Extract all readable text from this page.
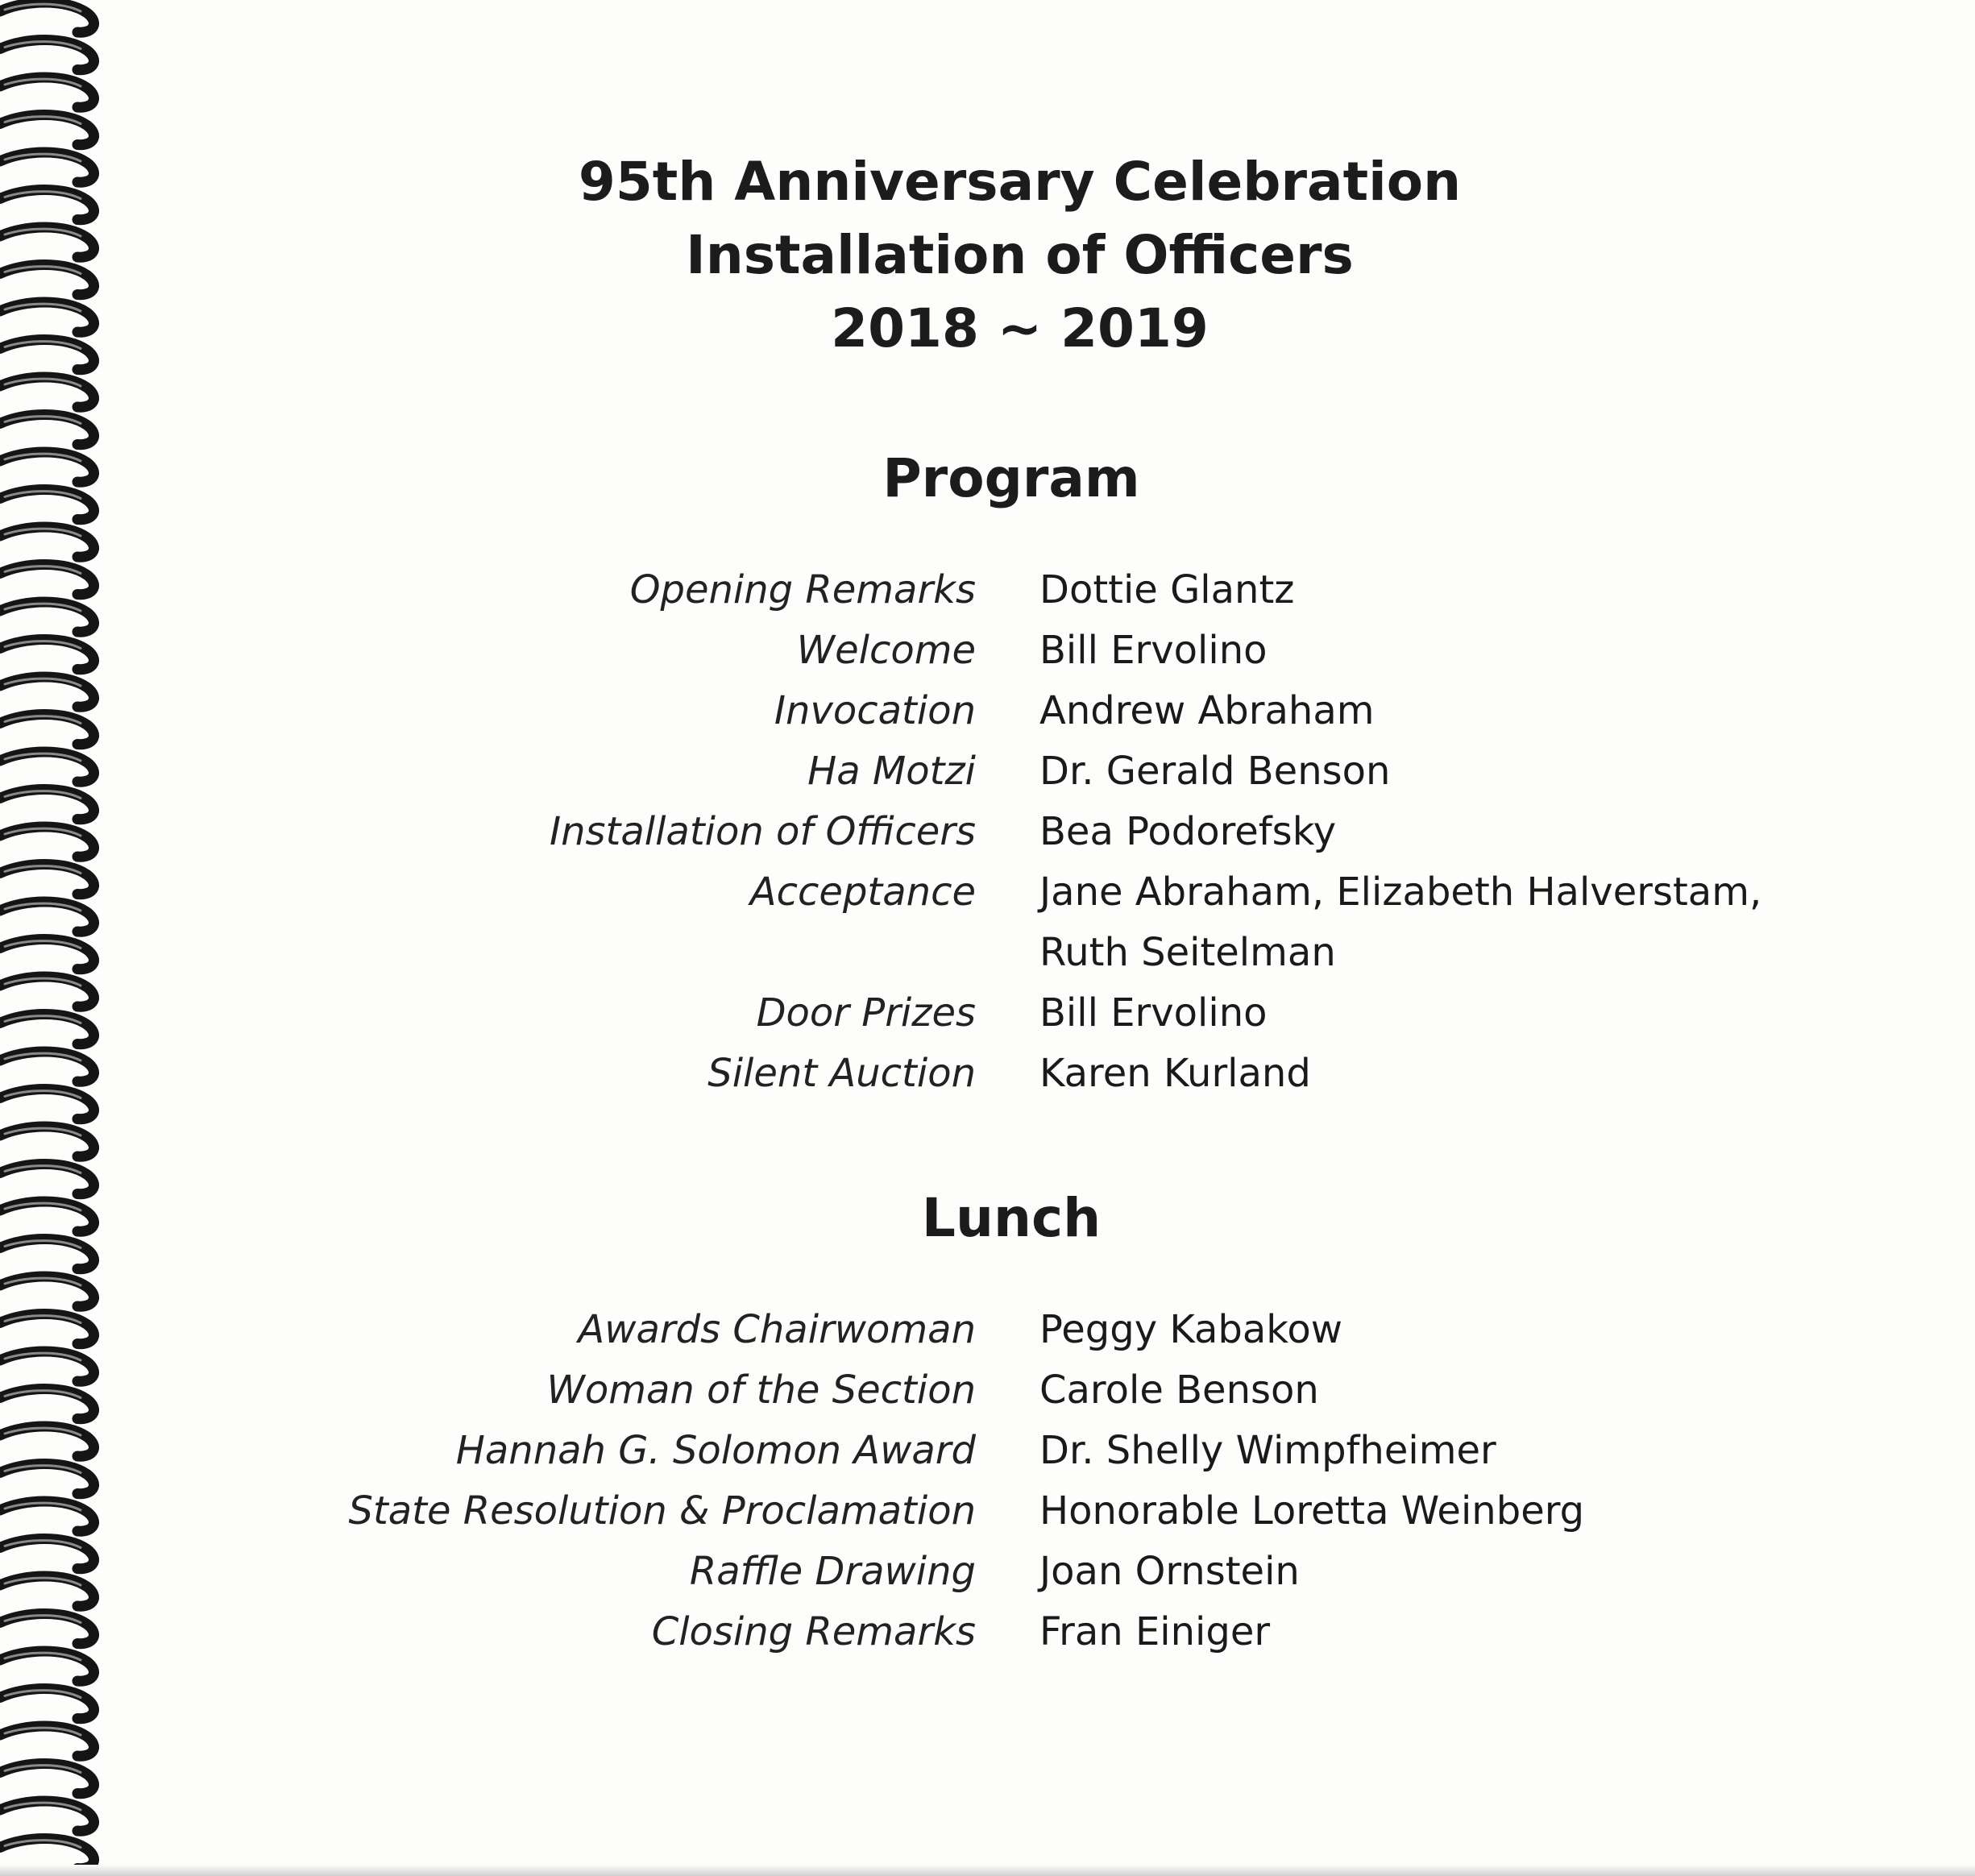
95th Anniversary Celebration
Installation of Officers
2018 ~ 2019
Program
Opening Remarks Dottie Glantz
Welcome Bill Ervolino
Invocation Andrew Abraham
Ha Motzi Dr. Gerald Benson
Installation of Officers Bea Podorefsky
Acceptance Jane Abraham, Elizabeth Halverstam,
Ruth Seitelman
Door Prizes Bill Ervolino
Silent Auction Karen Kurland
Lunch
Awards Chairwoman Peggy Kabakow
Woman of the Section Carole Benson
Hannah G. Solomon Award Dr. Shelly Wimpfheimer
State Resolution & Proclamation Honorable Loretta Weinberg
Raffle Drawing Joan Ornstein
Closing Remarks Fran Einiger
